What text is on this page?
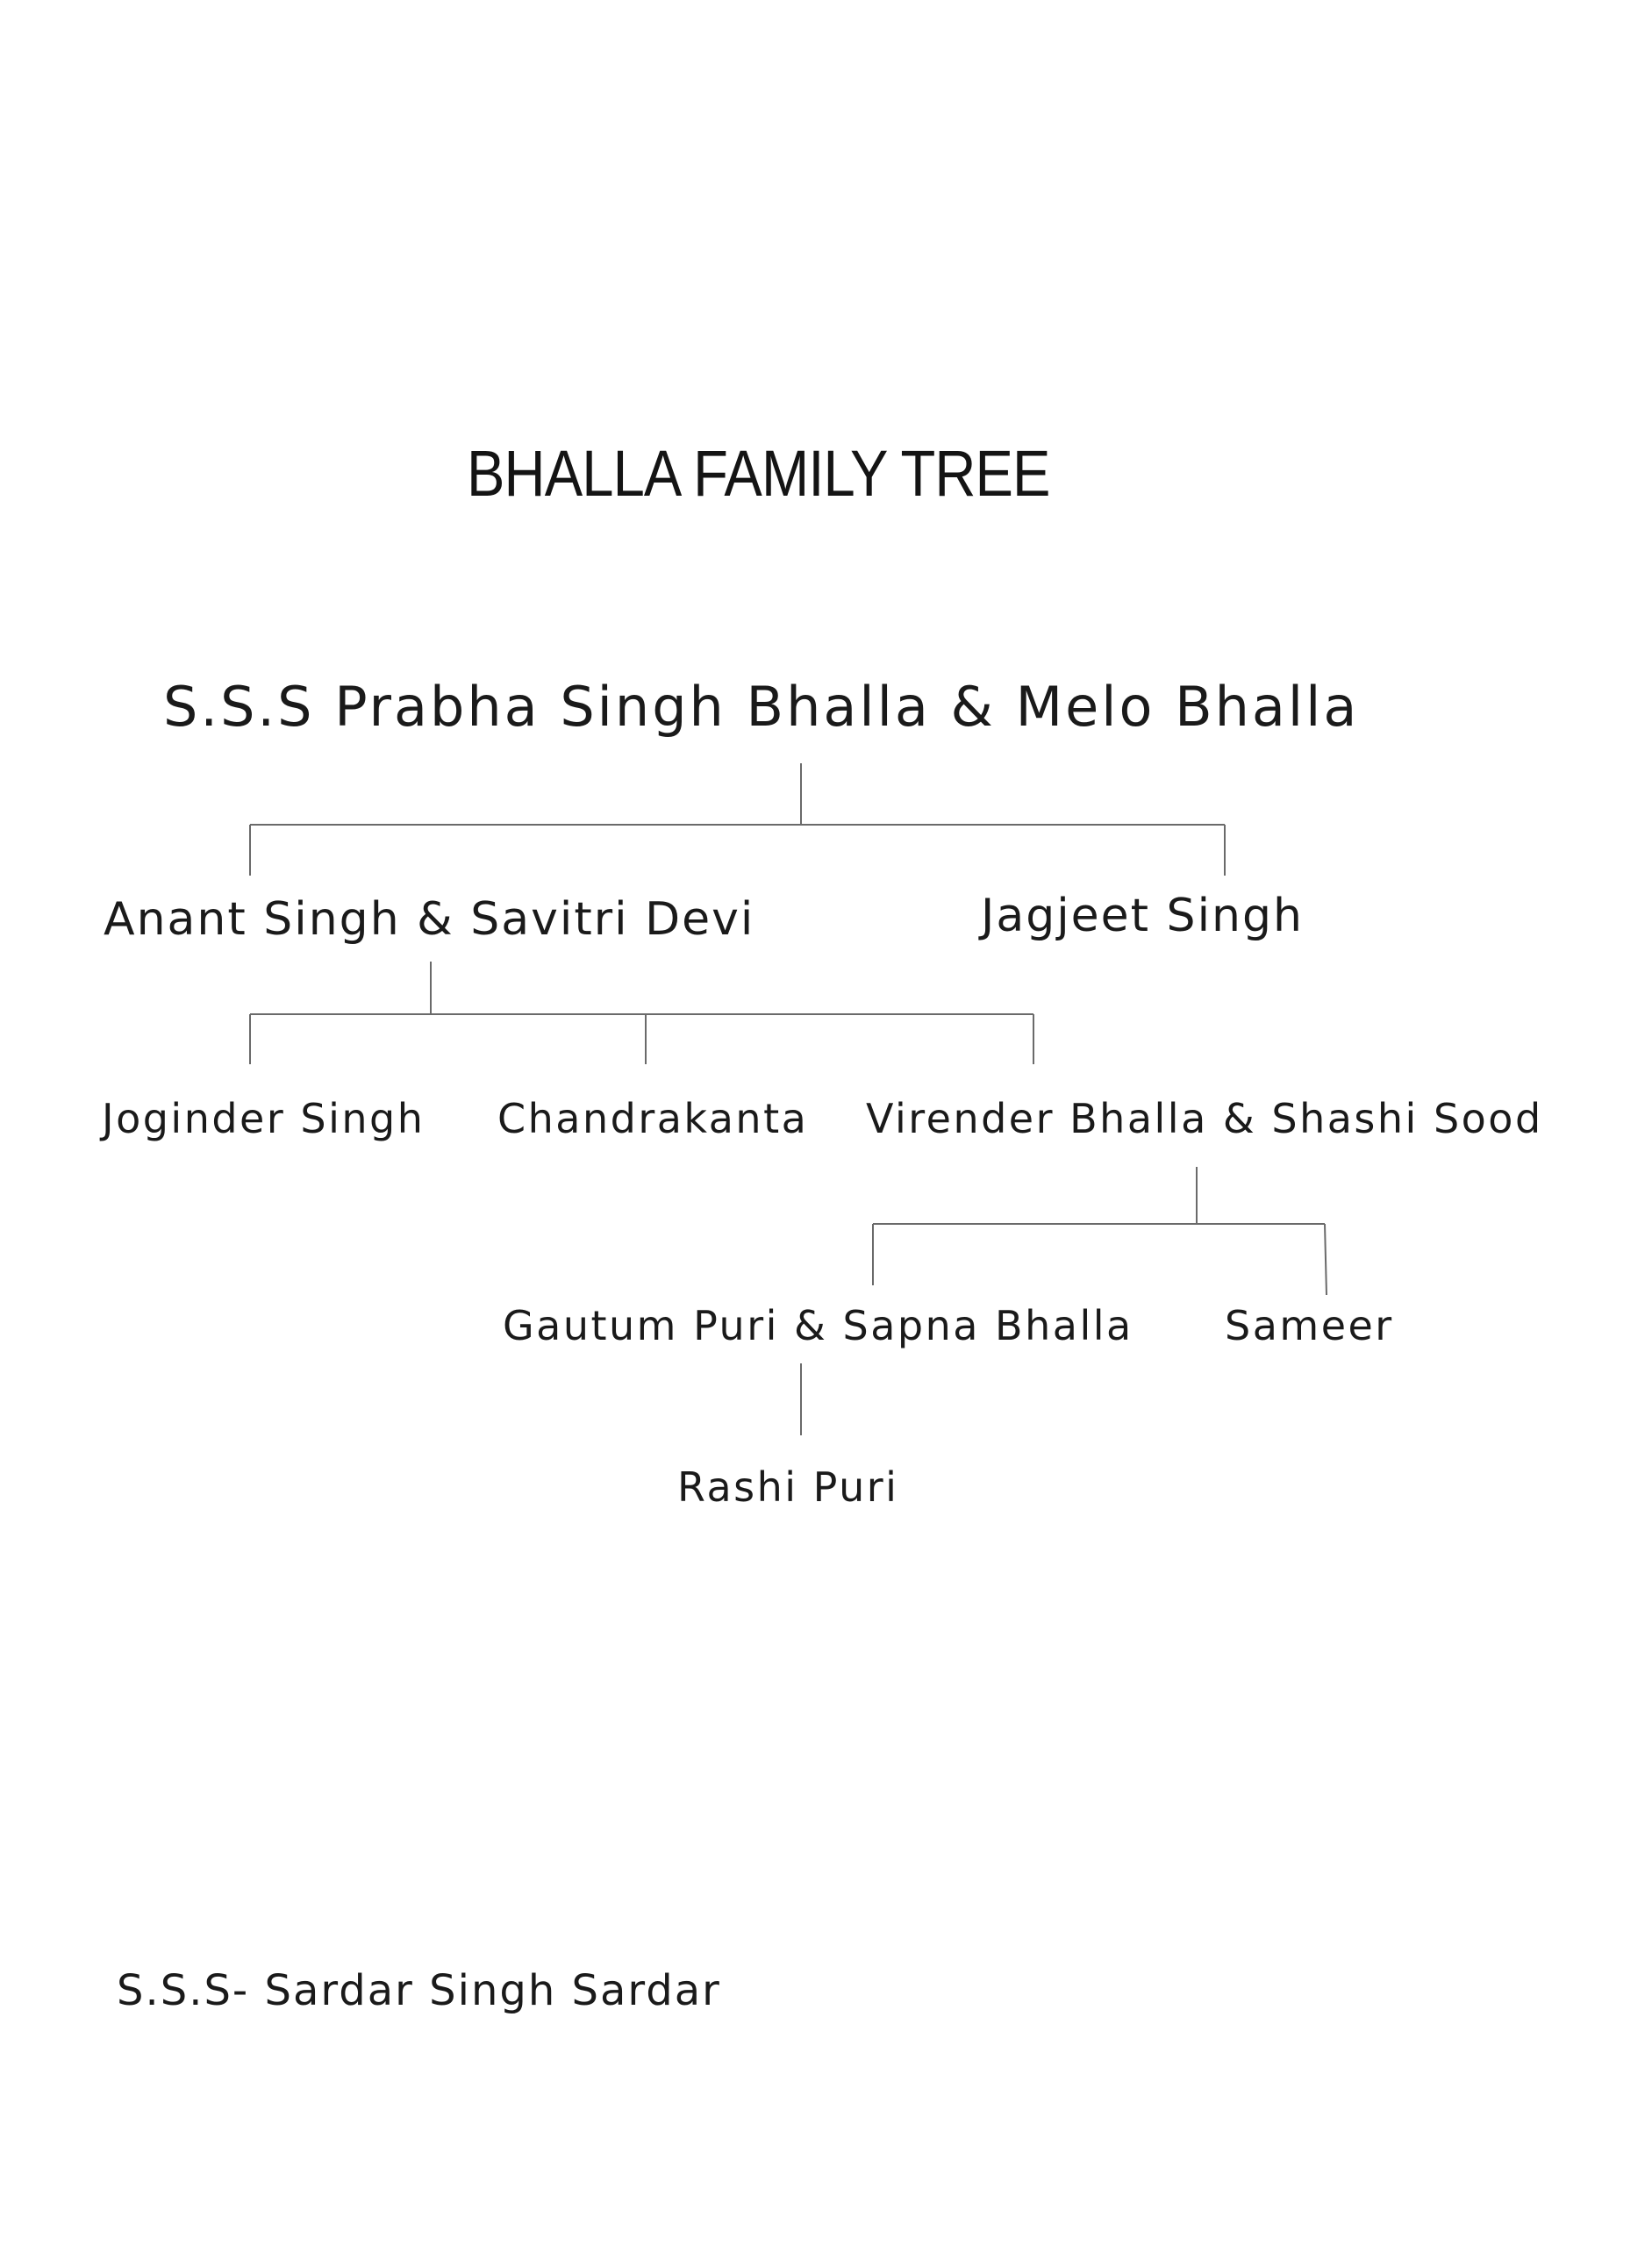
BHALLA FAMILY TREE
S.S.S Prabha Singh Bhalla & Melo Bhalla
Anant Singh & Savitri Devi	Jagjeet Singh
Joginder Singh Chandrakanta Virender Bhalla & Shashi Sood
Gautum Puri & Sapna Bhalla Sameer
Rashi Puri
S.S.S- Sardar Singh Sardar
